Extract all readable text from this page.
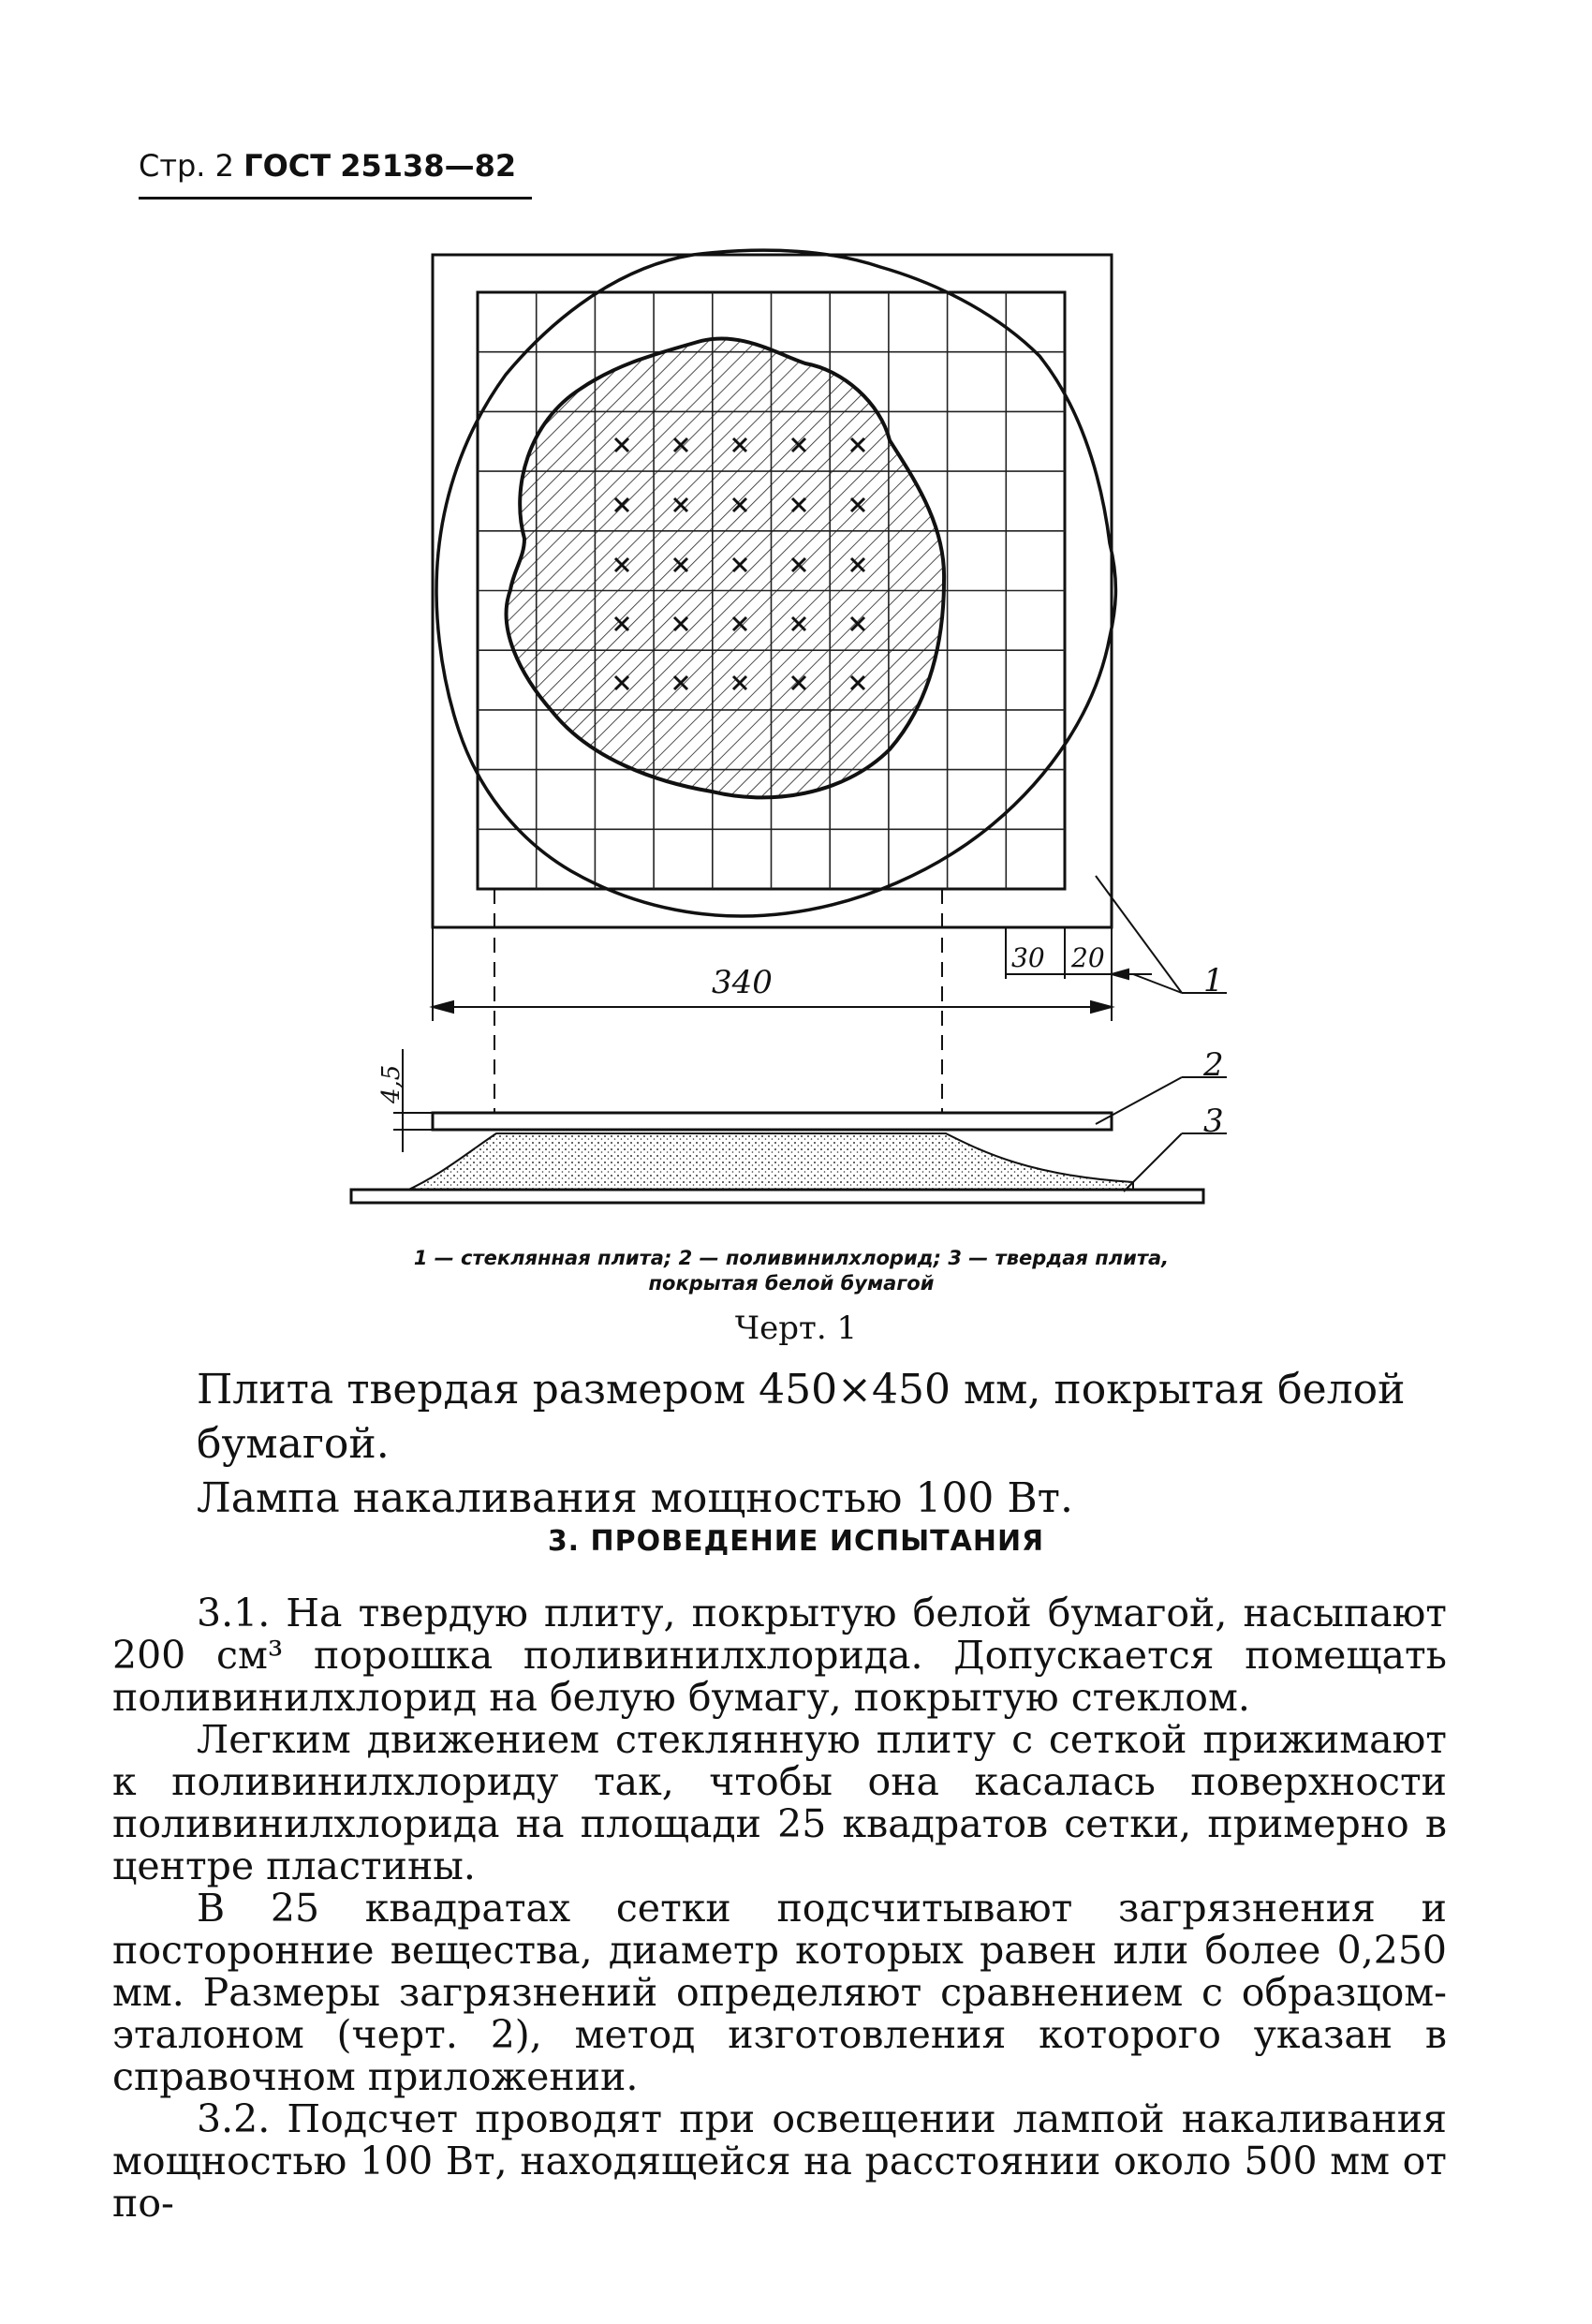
Стр. 2 ГОСТ 25138—82
340
30 20
4,5
1
2
3
1 — стеклянная плита; 2 — поливинилхлорид; 3 — твердая плита,
покрытая белой бумагой
Черт. 1
Плита твердая размером 450×450 мм, покрытая белой бумагой.
Лампа накаливания мощностью 100 Вт.
3. ПРОВЕДЕНИЕ ИСПЫТАНИЯ

3.1. На твердую плиту, покрытую белой бумагой, насыпают 200 см³ порошка поливинилхлорида. Допускается помещать поливинилхлорид на белую бумагу, покрытую стеклом.

Легким движением стеклянную плиту с сеткой прижимают к поливинилхлориду так, чтобы она касалась поверхности поливинилхлорида на площади 25 квадратов сетки, примерно в центре пластины.

В 25 квадратах сетки подсчитывают загрязнения и посторонние вещества, диаметр которых равен или более 0,250 мм. Размеры загрязнений определяют сравнением с образцом-эталоном (черт. 2), метод изготовления которого указан в справочном приложении.

3.2. Подсчет проводят при освещении лампой накаливания мощностью 100 Вт, находящейся на расстоянии около 500 мм от по-
